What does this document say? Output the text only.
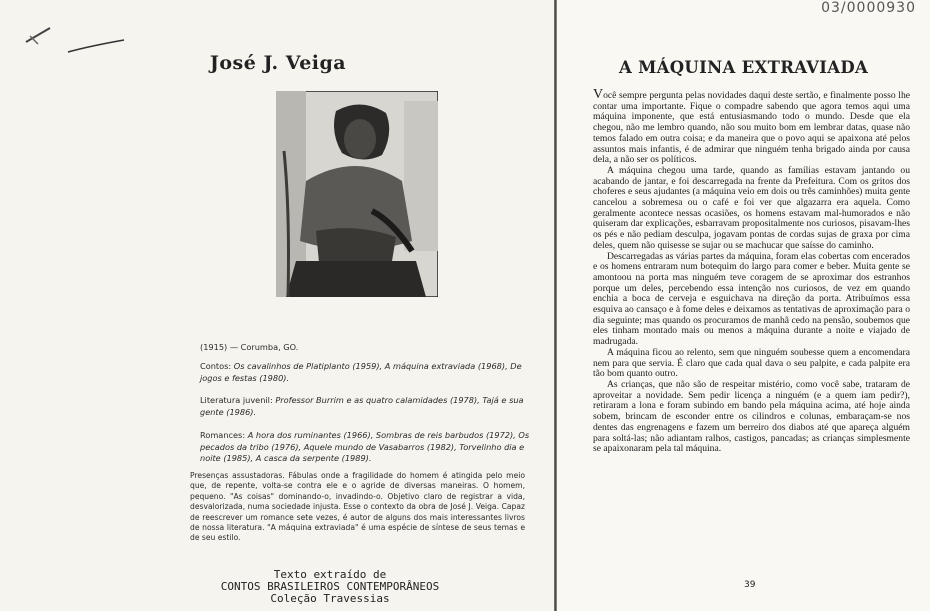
03/0000930
José J. Veiga
(1915) — Corumba, GO.

Contos: Os cavalinhos de Platiplanto (1959), A máquina extraviada (1968), De jogos e festas (1980).

Literatura juvenil: Professor Burrim e as quatro calamidades (1978), Tajá e sua gente (1986).

Romances: A hora dos ruminantes (1966), Sombras de reis barbudos (1972), Os pecados da tribo (1976), Aquele mundo de Vasabarros (1982), Torvelinho dia e noite (1985), A casca da serpente (1989).

Presenças assustadoras. Fábulas onde a fragilidade do homem é atingida pelo meio que, de repente, volta-se contra ele e o agride de diversas maneiras. O homem, pequeno. "As coisas" dominando-o, invadindo-o. Objetivo claro de registrar a vida, desvalorizada, numa sociedade injusta. Esse o contexto da obra de José J. Veiga. Capaz de reescrever um romance sete vezes, é autor de alguns dos mais interessantes livros de nossa literatura. "A máquina extraviada" é uma espécie de síntese de seus temas e de seu estilo.

Texto extraído de
CONTOS BRASILEIROS CONTEMPORÂNEOS
Coleção Travessias
A MÁQUINA EXTRAVIADA

Você sempre pergunta pelas novidades daqui deste sertão, e finalmente posso lhe contar uma importante. Fique o compadre sabendo que agora temos aqui uma máquina imponente, que está entusiasmando todo o mundo. Desde que ela chegou, não me lembro quando, não sou muito bom em lembrar datas, quase não temos falado em outra coisa; e da maneira que o povo aqui se apaixona até pelos assuntos mais infantis, é de admirar que ninguém tenha brigado ainda por causa dela, a não ser os políticos.

A máquina chegou uma tarde, quando as famílias estavam jantando ou acabando de jantar, e foi descarregada na frente da Prefeitura. Com os gritos dos choferes e seus ajudantes (a máquina veio em dois ou três caminhões) muita gente cancelou a sobremesa ou o café e foi ver que algazarra era aquela. Como geralmente acontece nessas ocasiões, os homens estavam mal-humorados e não quiseram dar explicações, esbarravam propositalmente nos curiosos, pisavam-lhes os pés e não pediam desculpa, jogavam pontas de cordas sujas de graxa por cima deles, quem não quisesse se sujar ou se machucar que saísse do caminho.

Descarregadas as várias partes da máquina, foram elas cobertas com encerados e os homens entraram num botequim do largo para comer e beber. Muita gente se amontoou na porta mas ninguém teve coragem de se aproximar dos estranhos porque um deles, percebendo essa intenção nos curiosos, de vez em quando enchia a boca de cerveja e esguichava na direção da porta. Atribuímos essa esquiva ao cansaço e à fome deles e deixamos as tentativas de aproximação para o dia seguinte; mas quando os procuramos de manhã cedo na pensão, soubemos que eles tinham montado mais ou menos a máquina durante a noite e viajado de madrugada.

A máquina ficou ao relento, sem que ninguém soubesse quem a encomendara nem para que servia. É claro que cada qual dava o seu palpite, e cada palpite era tão bom quanto outro.

As crianças, que não são de respeitar mistério, como você sabe, trataram de aproveitar a novidade. Sem pedir licença a ninguém (e a quem iam pedir?), retiraram a lona e foram subindo em bando pela máquina acima, até hoje ainda sobem, brincam de esconder entre os cilindros e colunas, embaraçam-se nos dentes das engrenagens e fazem um berreiro dos diabos até que apareça alguém para soltá-las; não adiantam ralhos, castigos, pancadas; as crianças simplesmente se apaixonaram pela tal máquina.

39
